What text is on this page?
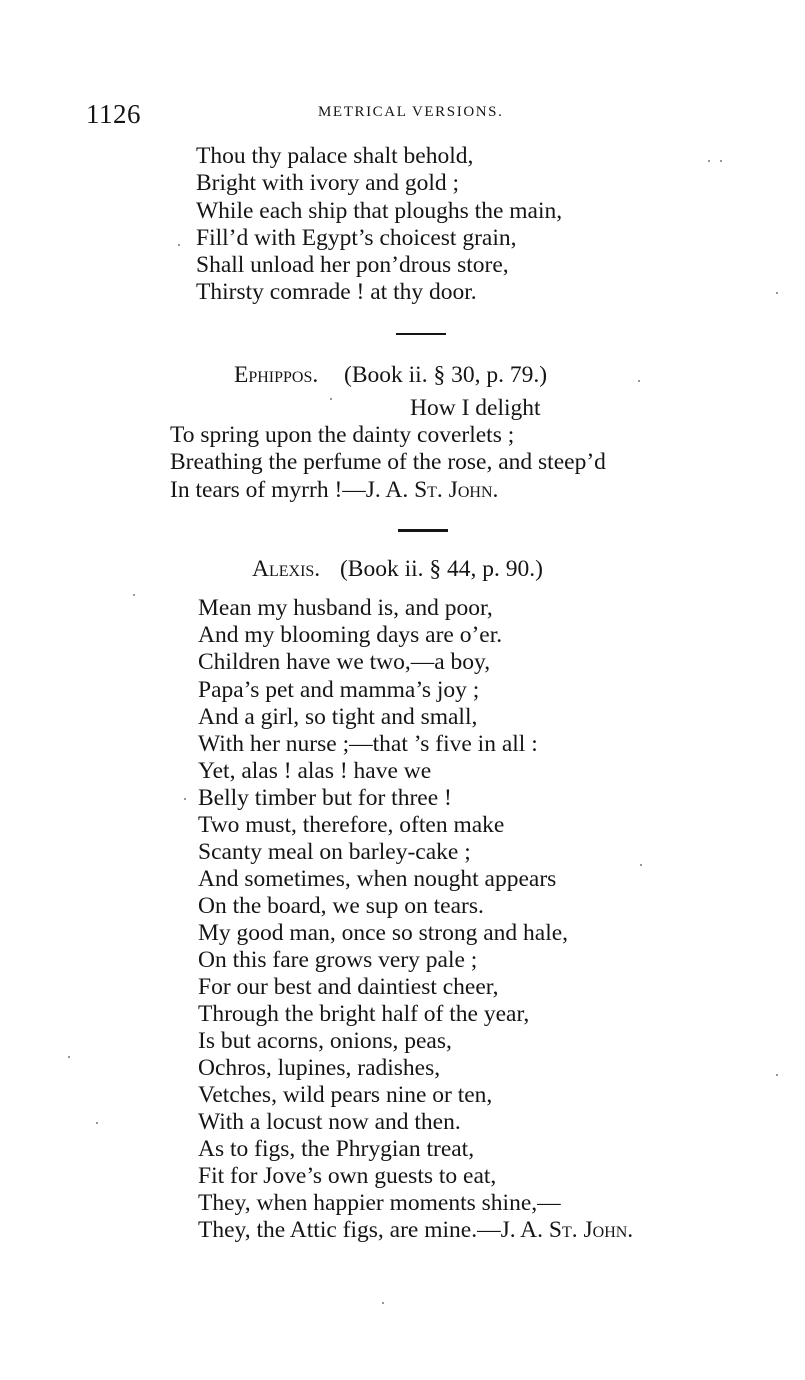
1126	METRICAL VERSIONS.
Thou thy palace shalt behold,
Bright with ivory and gold ;
While each ship that ploughs the main,
Fill’d with Egypt’s choicest grain,
Shall unload her pon’drous store,
Thirsty comrade ! at thy door.
Ephippos. (Book ii. § 30, p. 79.)
How I delight
To spring upon the dainty coverlets ;
Breathing the perfume of the rose, and steep’d
In tears of myrrh !—J. A. St. John.
Alexis. (Book ii. § 44, p. 90.)
Mean my husband is, and poor,
And my blooming days are o’er.
Children have we two,—a boy,
Papa’s pet and mamma’s joy ;
And a girl, so tight and small,
With her nurse ;—that ’s five in all :
Yet, alas ! alas ! have we
Belly timber but for three !
Two must, therefore, often make
Scanty meal on barley-cake ;
And sometimes, when nought appears
On the board, we sup on tears.
My good man, once so strong and hale,
On this fare grows very pale ;
For our best and daintiest cheer,
Through the bright half of the year,
Is but acorns, onions, peas,
Ochros, lupines, radishes,
Vetches, wild pears nine or ten,
With a locust now and then.
As to figs, the Phrygian treat,
Fit for Jove’s own guests to eat,
They, when happier moments shine,—
They, the Attic figs, are mine.—J. A. St. John.
